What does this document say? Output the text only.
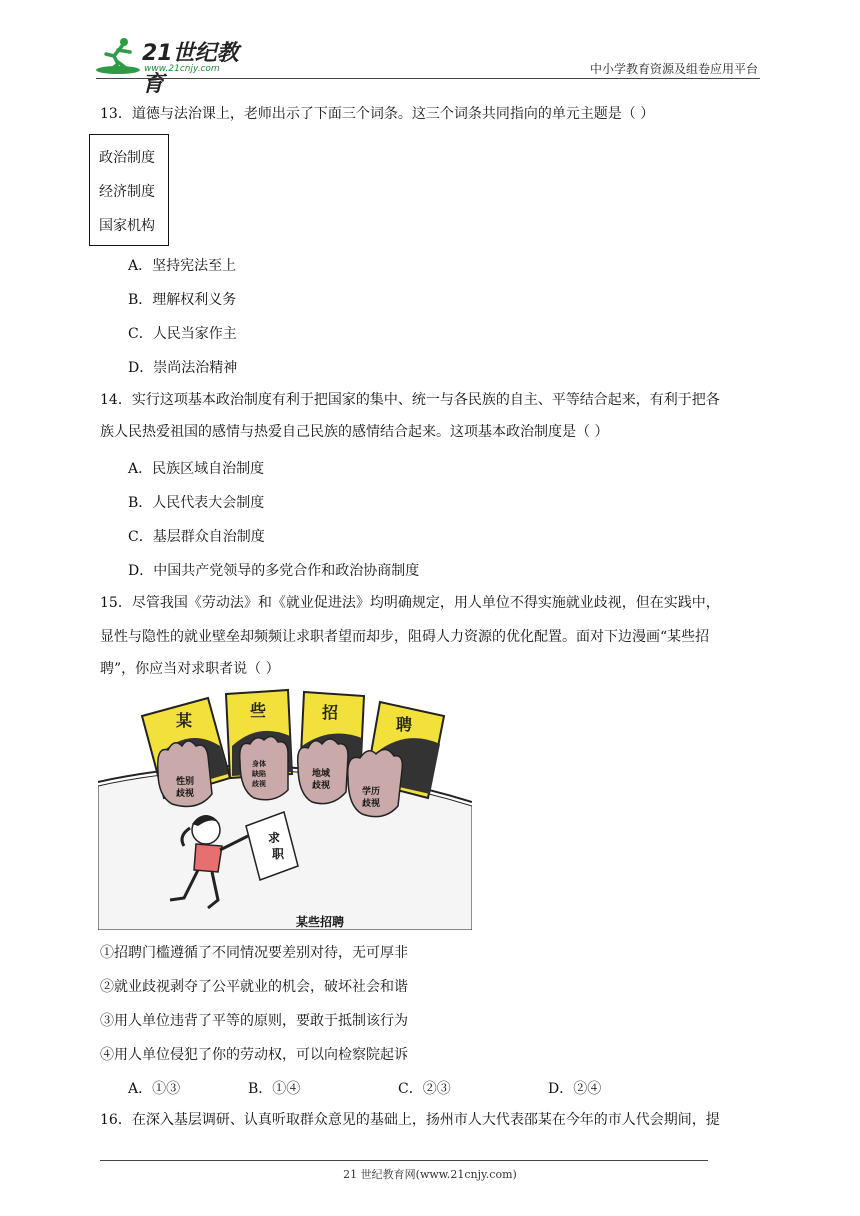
21世纪教育
www.21cnjy.com	中小学教育资源及组卷应用平台
13．道德与法治课上，老师出示了下面三个词条。这三个词条共同指向的单元主题是（ ）
政治制度
经济制度
国家机构
A．坚持宪法至上
B．理解权利义务
C．人民当家作主
D．崇尚法治精神
14．实行这项基本政治制度有利于把国家的集中、统一与各民族的自主、平等结合起来，有利于把各
族人民热爱祖国的感情与热爱自己民族的感情结合起来。这项基本政治制度是（ ）
A．民族区域自治制度
B．人民代表大会制度
C．基层群众自治制度
D．中国共产党领导的多党合作和政治协商制度
15．尽管我国《劳动法》和《就业促进法》均明确规定，用人单位不得实施就业歧视，但在实践中，
显性与隐性的就业壁垒却频频让求职者望而却步，阻碍人力资源的优化配置。面对下边漫画“某些招
聘”，你应当对求职者说（ ）
某
些	招
聘
性别
歧视
身体
缺陷
歧视
地域
歧视
学历
歧视
求
职
某些招聘
①招聘门槛遵循了不同情况要差别对待，无可厚非
②就业歧视剥夺了公平就业的机会，破坏社会和谐
③用人单位违背了平等的原则，要敢于抵制该行为
④用人单位侵犯了你的劳动权，可以向检察院起诉
A．①③	B．①④	C．②③	D．②④
16．在深入基层调研、认真听取群众意见的基础上，扬州市人大代表邵某在今年的市人代会期间，提
21 世纪教育网(www.21cnjy.com)
